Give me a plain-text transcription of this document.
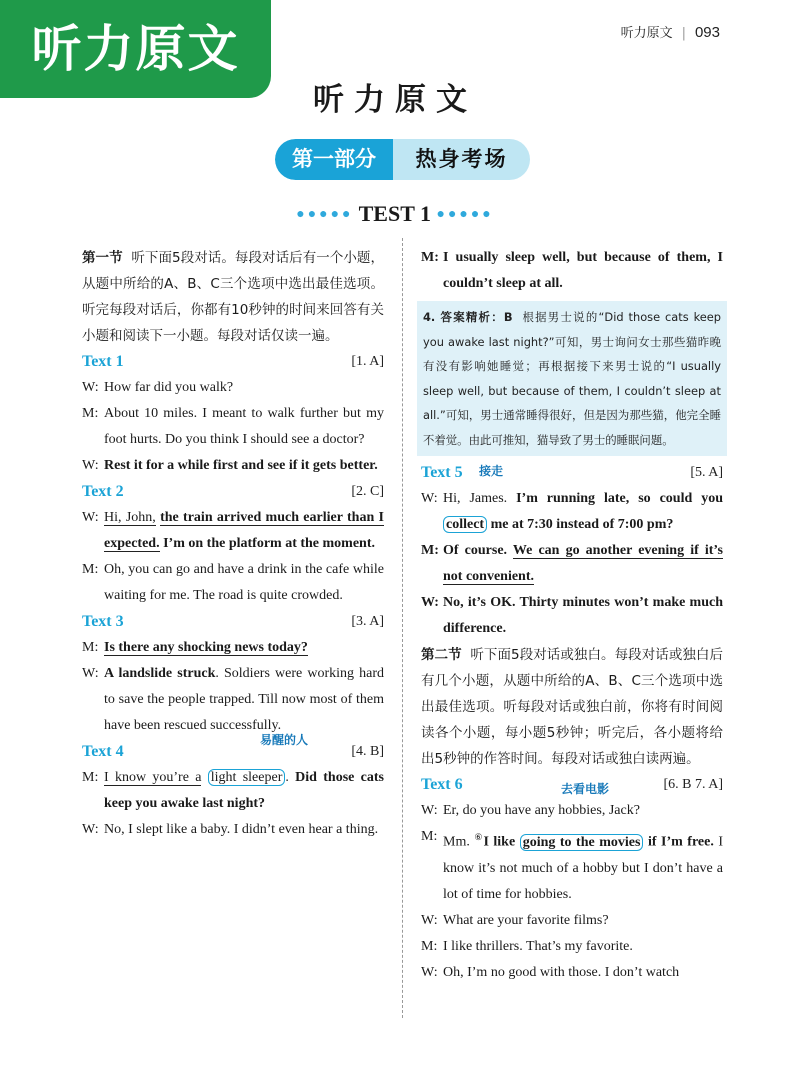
听力原文	听力原文 | 093
听力原文
第一部分	热身考场
●●●●● TEST 1 ●●●●●
第一节 听下面5段对话。每段对话后有一个小题，从题中所给的A、B、C三个选项中选出最佳选项。听完每段对话后，你都有10秒钟的时间来回答有关小题和阅读下一小题。每段对话仅读一遍。
Text 1	[1. A]
W: How far did you walk?
M: About 10 miles. I meant to walk further but my foot hurts. Do you think I should see a doctor?
W: Rest it for a while first and see if it gets better.
Text 2	[2. C]
W: Hi, John, the train arrived much earlier than I expected. I’m on the platform at the moment.
M: Oh, you can go and have a drink in the cafe while waiting for me. The road is quite crowded.
Text 3	[3. A]
M: Is there any shocking news today?
W: A landslide struck. Soldiers were working hard to save the people trapped. Till now most of them have been rescued successfully.
Text 4
易醒的人
[4. B]
M: I know you’re a light sleeper . Did those cats keep you awake last night?
W: No, I slept like a baby. I didn’t even hear a thing.
M: I usually sleep well, but because of them, I couldn’t sleep at all.
4. 答案精析：B 根据男士说的“Did those cats keep you awake last night?”可知，男士询问女士那些猫昨晚有没有影响她睡觉；再根据接下来男士说的“I usually sleep well, but because of them, I couldn’t sleep at all.”可知，男士通常睡得很好，但是因为那些猫，他完全睡不着觉。由此可推知，猫导致了男士的睡眠问题。
Text 5 接走	[5. A]
W: Hi, James. I’m running late, so could you collect me at 7:30 instead of 7:00 pm?
M: Of course. We can go another evening if it’s not convenient.
W: No, it’s OK. Thirty minutes won’t make much difference.
第二节 听下面5段对话或独白。每段对话或独白后有几个小题，从题中所给的A、B、C三个选项中选出最佳选项。听每段对话或独白前，你将有时间阅读各个小题，每小题5秒钟；听完后，各小题将给出5秒钟的作答时间。每段对话或独白读两遍。
Text 6	去看电影	[6. B 7. A]
W: Er, do you have any hobbies, Jack?
M: Mm. ⑥I like going to the movies if I’m free. I know it’s not much of a hobby but I don’t have a lot of time for hobbies.
W: What are your favorite films?
M: I like thrillers. That’s my favorite.
W: Oh, I’m no good with those. I don’t watch
